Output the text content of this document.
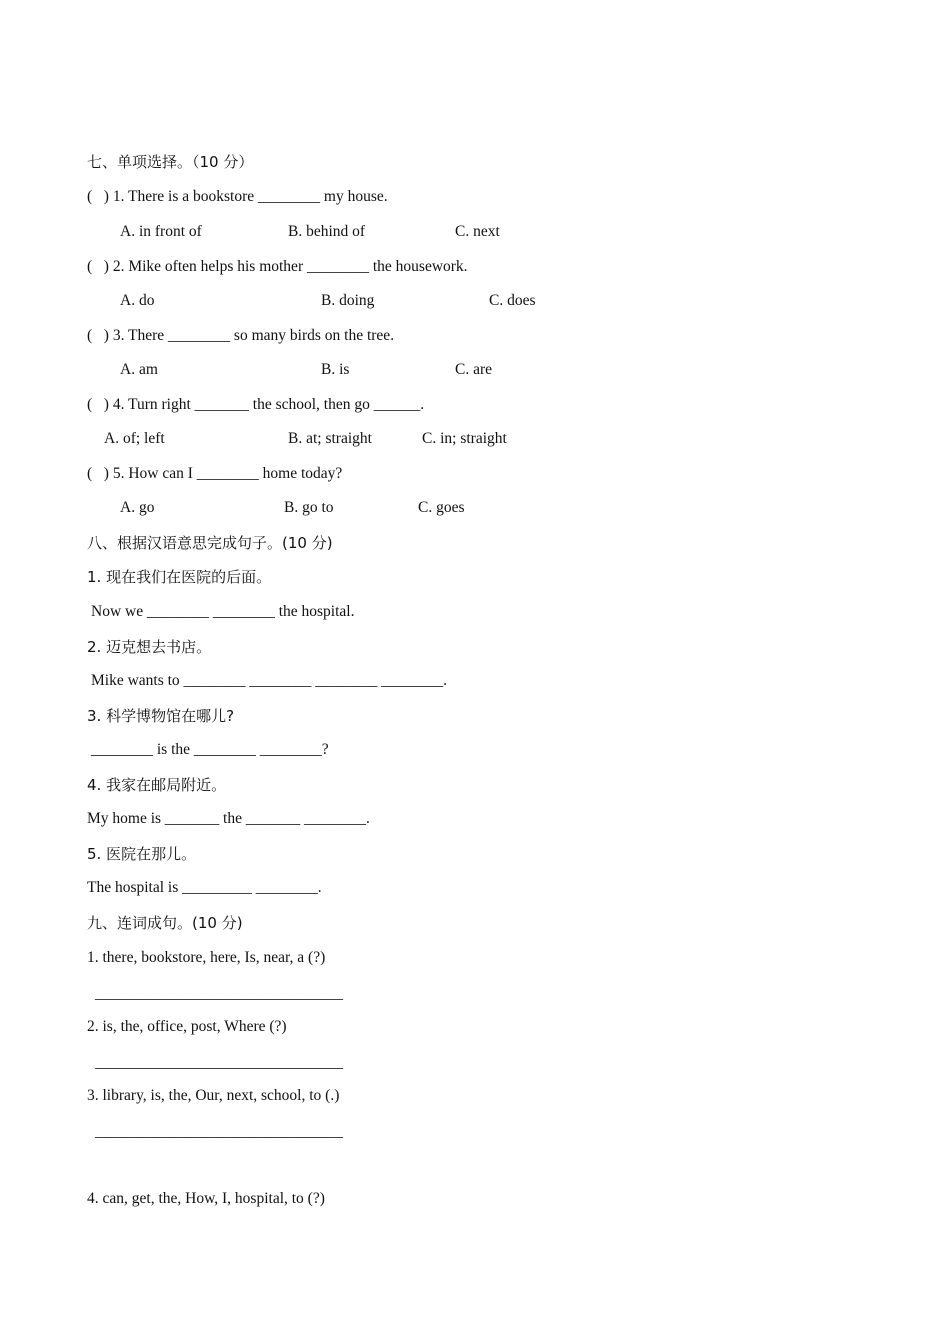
七、单项选择。（10 分）
(   ) 1. There is a bookstore ________ my house.
A. in front of	B. behind of	C. next
(   ) 2. Mike often helps his mother ________ the housework.
A. do	B. doing	C. does
(   ) 3. There ________ so many birds on the tree.
A. am	B. is	C. are
(   ) 4. Turn right _______ the school, then go ______.
A. of; left	B. at; straight	C. in; straight
(   ) 5. How can I ________ home today?
A. go	B. go to	C. goes
八、根据汉语意思完成句子。(10 分)
1. 现在我们在医院的后面。
Now we ________ ________ the hospital.
2. 迈克想去书店。
Mike wants to ________ ________ ________ ________.
3. 科学博物馆在哪儿?
________ is the ________ ________?
4. 我家在邮局附近。
My home is _______ the _______ ________.
5. 医院在那儿。
The hospital is _________ ________.
九、连词成句。(10 分)
1. there, bookstore, here, Is, near, a (?)
________________________________
2. is, the, office, post, Where (?)
________________________________
3. library, is, the, Our, next, school, to (.)
________________________________
4. can, get, the, How, I, hospital, to (?)
